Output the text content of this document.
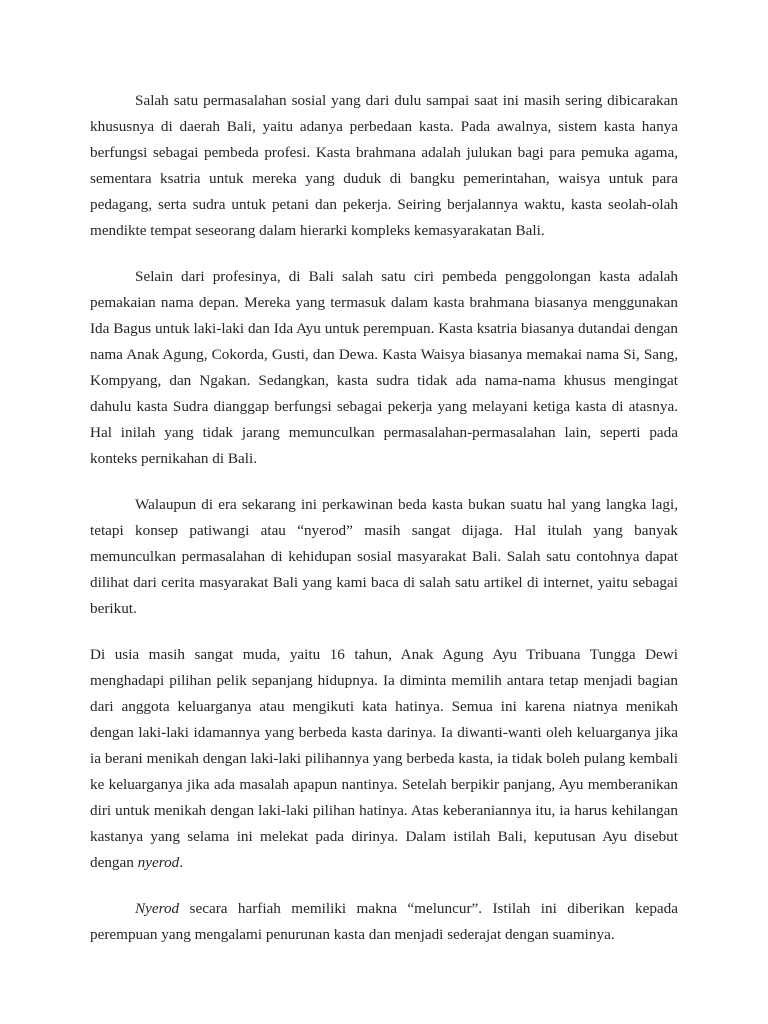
Salah satu permasalahan sosial yang dari dulu sampai saat ini masih sering dibicarakan khususnya di daerah Bali, yaitu adanya perbedaan kasta. Pada awalnya, sistem kasta hanya berfungsi sebagai pembeda profesi. Kasta brahmana adalah julukan bagi para pemuka agama, sementara ksatria untuk mereka yang duduk di bangku pemerintahan, waisya untuk para pedagang, serta sudra untuk petani dan pekerja. Seiring berjalannya waktu, kasta seolah-olah mendikte tempat seseorang dalam hierarki kompleks kemasyarakatan Bali.

Selain dari profesinya, di Bali salah satu ciri pembeda penggolongan kasta adalah pemakaian nama depan. Mereka yang termasuk dalam kasta brahmana biasanya menggunakan Ida Bagus untuk laki-laki dan Ida Ayu untuk perempuan. Kasta ksatria biasanya dutandai dengan nama Anak Agung, Cokorda, Gusti, dan Dewa. Kasta Waisya biasanya memakai nama Si, Sang, Kompyang, dan Ngakan. Sedangkan, kasta sudra tidak ada nama-nama khusus mengingat dahulu kasta Sudra dianggap berfungsi sebagai pekerja yang melayani ketiga kasta di atasnya. Hal inilah yang tidak jarang memunculkan permasalahan-permasalahan lain, seperti pada konteks pernikahan di Bali.

Walaupun di era sekarang ini perkawinan beda kasta bukan suatu hal yang langka lagi, tetapi konsep patiwangi atau “nyerod” masih sangat dijaga. Hal itulah yang banyak memunculkan permasalahan di kehidupan sosial masyarakat Bali. Salah satu contohnya dapat dilihat dari cerita masyarakat Bali yang kami baca di salah satu artikel di internet, yaitu sebagai berikut.

Di usia masih sangat muda, yaitu 16 tahun, Anak Agung Ayu Tribuana Tungga Dewi menghadapi pilihan pelik sepanjang hidupnya. Ia diminta memilih antara tetap menjadi bagian dari anggota keluarganya atau mengikuti kata hatinya. Semua ini karena niatnya menikah dengan laki-laki idamannya yang berbeda kasta darinya. Ia diwanti-wanti oleh keluarganya jika ia berani menikah dengan laki-laki pilihannya yang berbeda kasta, ia tidak boleh pulang kembali ke keluarganya jika ada masalah apapun nantinya. Setelah berpikir panjang, Ayu memberanikan diri untuk menikah dengan laki-laki pilihan hatinya. Atas keberaniannya itu, ia harus kehilangan kastanya yang selama ini melekat pada dirinya. Dalam istilah Bali, keputusan Ayu disebut dengan nyerod.

Nyerod secara harfiah memiliki makna “meluncur”. Istilah ini diberikan kepada perempuan yang mengalami penurunan kasta dan menjadi sederajat dengan suaminya.
